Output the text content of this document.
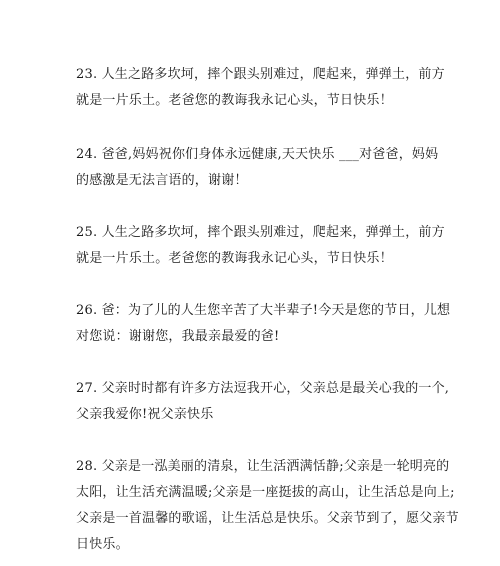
23. 人生之路多坎坷，摔个跟头别难过，爬起来，弹弹土，前方
就是一片乐土。老爸您的教诲我永记心头，节日快乐！
24. 爸爸,妈妈祝你们身体永远健康,天天快乐 ___对爸爸，妈妈
的感激是无法言语的，谢谢！
25. 人生之路多坎坷，摔个跟头别难过，爬起来，弹弹土，前方
就是一片乐土。老爸您的教诲我永记心头，节日快乐！
26. 爸：为了儿的人生您辛苦了大半辈子!今天是您的节日，儿想
对您说：谢谢您，我最亲最爱的爸!
27. 父亲时时都有许多方法逗我开心，父亲总是最关心我的一个,
父亲我爱你!祝父亲快乐
28. 父亲是一泓美丽的清泉，让生活洒满恬静;父亲是一轮明亮的
太阳，让生活充满温暖;父亲是一座挺拔的高山，让生活总是向上;
父亲是一首温馨的歌谣，让生活总是快乐。父亲节到了，愿父亲节
日快乐。
